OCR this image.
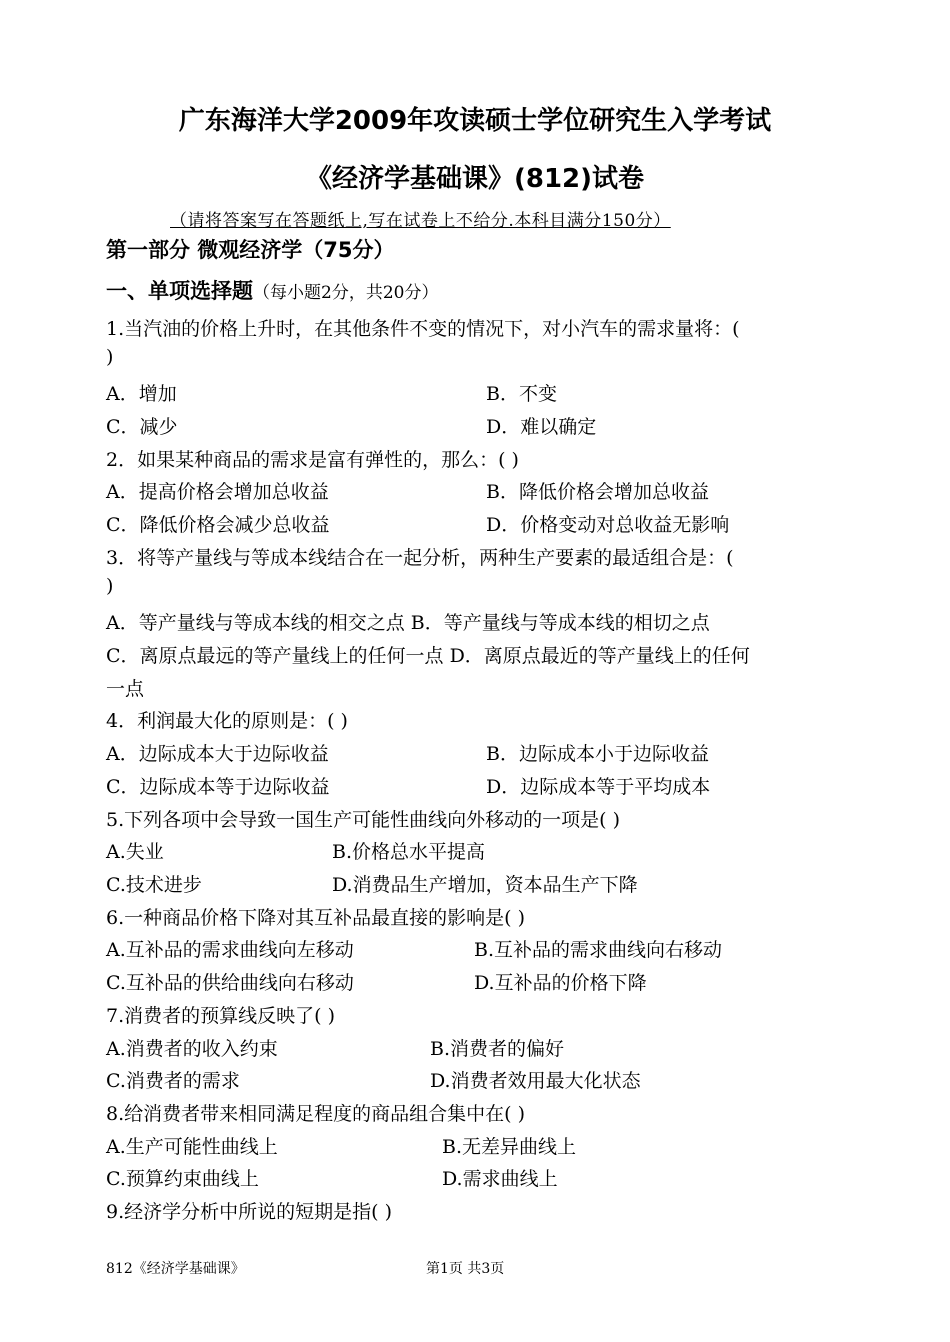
广东海洋大学2009年攻读硕士学位研究生入学考试
《经济学基础课》(812)试卷
（请将答案写在答题纸上,写在试卷上不给分.本科目满分150分）
第一部分 微观经济学（75分）
一、单项选择题（每小题2分，共20分）
1.当汽油的价格上升时，在其他条件不变的情况下，对小汽车的需求量将：(
)
A．增加	B．不变
C．减少	D．难以确定
2．如果某种商品的需求是富有弹性的，那么：( )
A．提高价格会增加总收益	B．降低价格会增加总收益
C．降低价格会减少总收益	D．价格变动对总收益无影响
3．将等产量线与等成本线结合在一起分析，两种生产要素的最适组合是：(
)
A．等产量线与等成本线的相交之点 B．等产量线与等成本线的相切之点
C．离原点最远的等产量线上的任何一点 D．离原点最近的等产量线上的任何
一点
4．利润最大化的原则是：( )
A．边际成本大于边际收益	B．边际成本小于边际收益
C．边际成本等于边际收益	D．边际成本等于平均成本
5.下列各项中会导致一国生产可能性曲线向外移动的一项是( )
A.失业	B.价格总水平提高
C.技术进步	D.消费品生产增加，资本品生产下降
6.一种商品价格下降对其互补品最直接的影响是( )
A.互补品的需求曲线向左移动	B.互补品的需求曲线向右移动
C.互补品的供给曲线向右移动	D.互补品的价格下降
7.消费者的预算线反映了( )
A.消费者的收入约束	B.消费者的偏好
C.消费者的需求	D.消费者效用最大化状态
8.给消费者带来相同满足程度的商品组合集中在( )
A.生产可能性曲线上	B.无差异曲线上
C.预算约束曲线上	D.需求曲线上
9.经济学分析中所说的短期是指( )
812《经济学基础课》	第1页 共3页
